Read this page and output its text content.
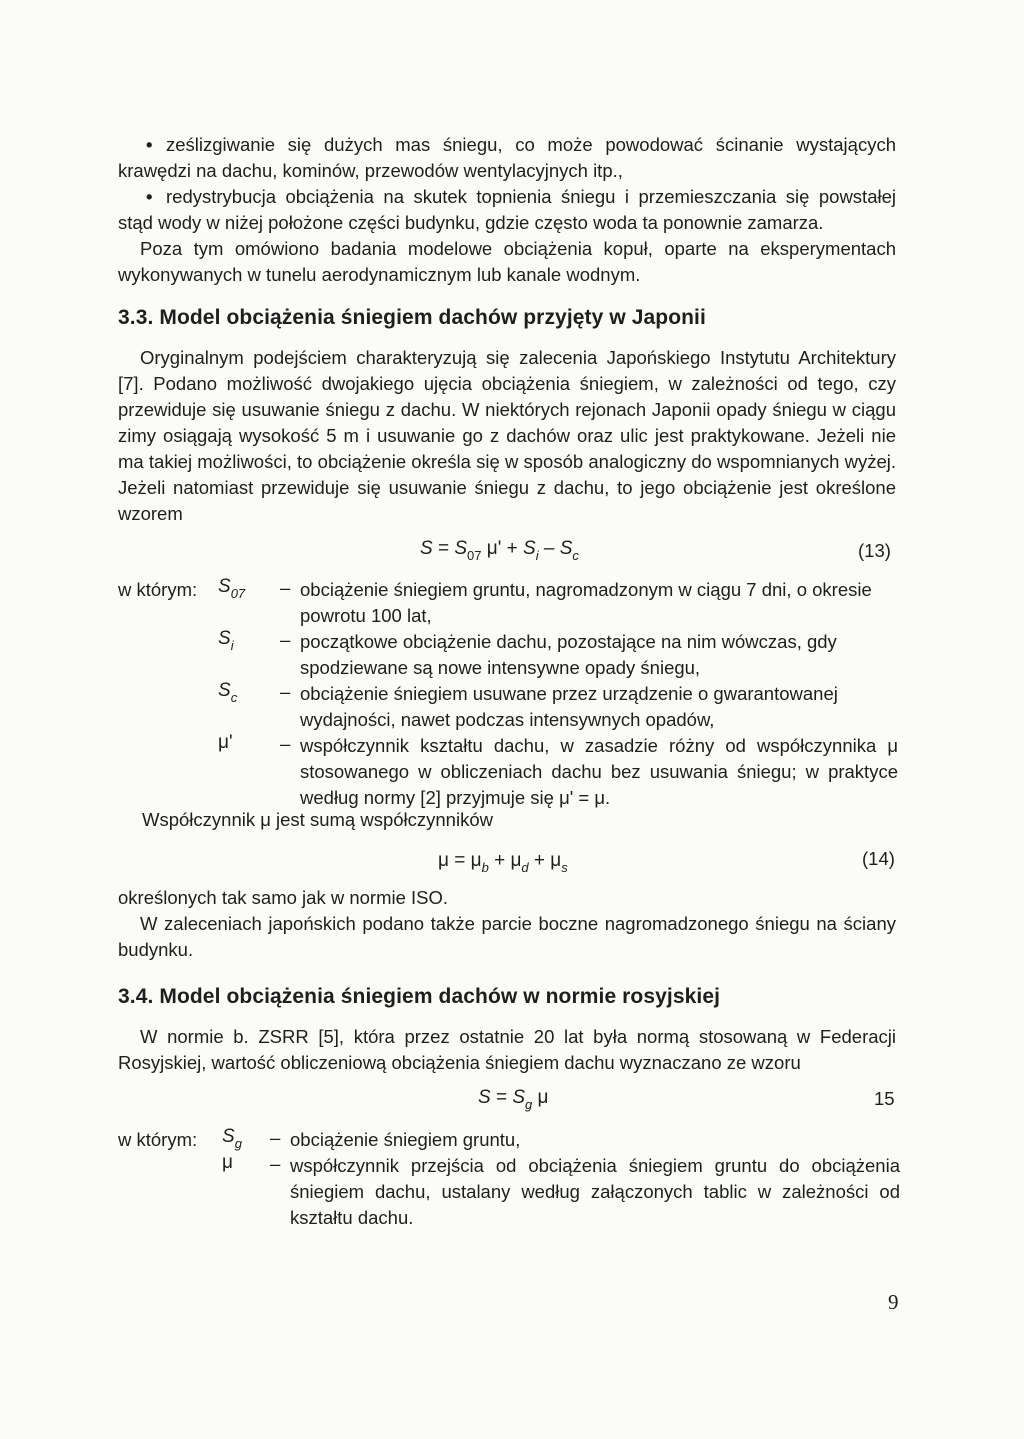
• ześlizgiwanie się dużych mas śniegu, co może powodować ścinanie wystających krawędzi na dachu, kominów, przewodów wentylacyjnych itp.,
• redystrybucja obciążenia na skutek topnienia śniegu i przemieszczania się powstałej stąd wody w niżej położone części budynku, gdzie często woda ta ponownie zamarza.

Poza tym omówiono badania modelowe obciążenia kopuł, oparte na eksperymentach wykonywanych w tunelu aerodynamicznym lub kanale wodnym.

3.3. Model obciążenia śniegiem dachów przyjęty w Japonii

Oryginalnym podejściem charakteryzują się zalecenia Japońskiego Instytutu Architektury [7]. Podano możliwość dwojakiego ujęcia obciążenia śniegiem, w zależności od tego, czy przewiduje się usuwanie śniegu z dachu. W niektórych rejonach Japonii opady śniegu w ciągu zimy osiągają wysokość 5 m i usuwanie go z dachów oraz ulic jest praktykowane. Jeżeli nie ma takiej możliwości, to obciążenie określa się w sposób analogiczny do wspomnianych wyżej. Jeżeli natomiast przewiduje się usuwanie śniegu z dachu, to jego obciążenie jest określone wzorem

$S = S_{07}$ $\mu' + S_i - S_c$	(13)
w którym: $S_{07}$ – obciążenie śniegiem gruntu, nagromadzonym w ciągu 7 dni, o okresie powrotu 100 lat,
$S_i$	– początkowe obciążenie dachu, pozostające na nim wówczas, gdy spodziewane są nowe intensywne opady śniegu,
$S_c$ – obciążenie śniegiem usuwane przez urządzenie o gwarantowanej wydajności, nawet podczas intensywnych opadów,
μ'	– współczynnik kształtu dachu, w zasadzie różny od współczynnika μ stosowanego w obliczeniach dachu bez usuwania śniegu; w praktyce według normy [2] przyjmuje się μ' = μ.
Współczynnik μ jest sumą współczynników
$\mu = \mu_b + \mu_d + \mu_s$	(14)
określonych tak samo jak w normie ISO.

W zaleceniach japońskich podano także parcie boczne nagromadzonego śniegu na ściany budynku.

3.4. Model obciążenia śniegiem dachów w normie rosyjskiej

W normie b. ZSRR [5], która przez ostatnie 20 lat była normą stosowaną w Federacji Rosyjskiej, wartość obliczeniową obciążenia śniegiem dachu wyznaczano ze wzoru

$S = S_g$ μ	15
w którym: $S_g$ – obciążenie śniegiem gruntu,
μ – współczynnik przejścia od obciążenia śniegiem gruntu do obciążenia śniegiem dachu, ustalany według załączonych tablic w zależności od kształtu dachu.
9
